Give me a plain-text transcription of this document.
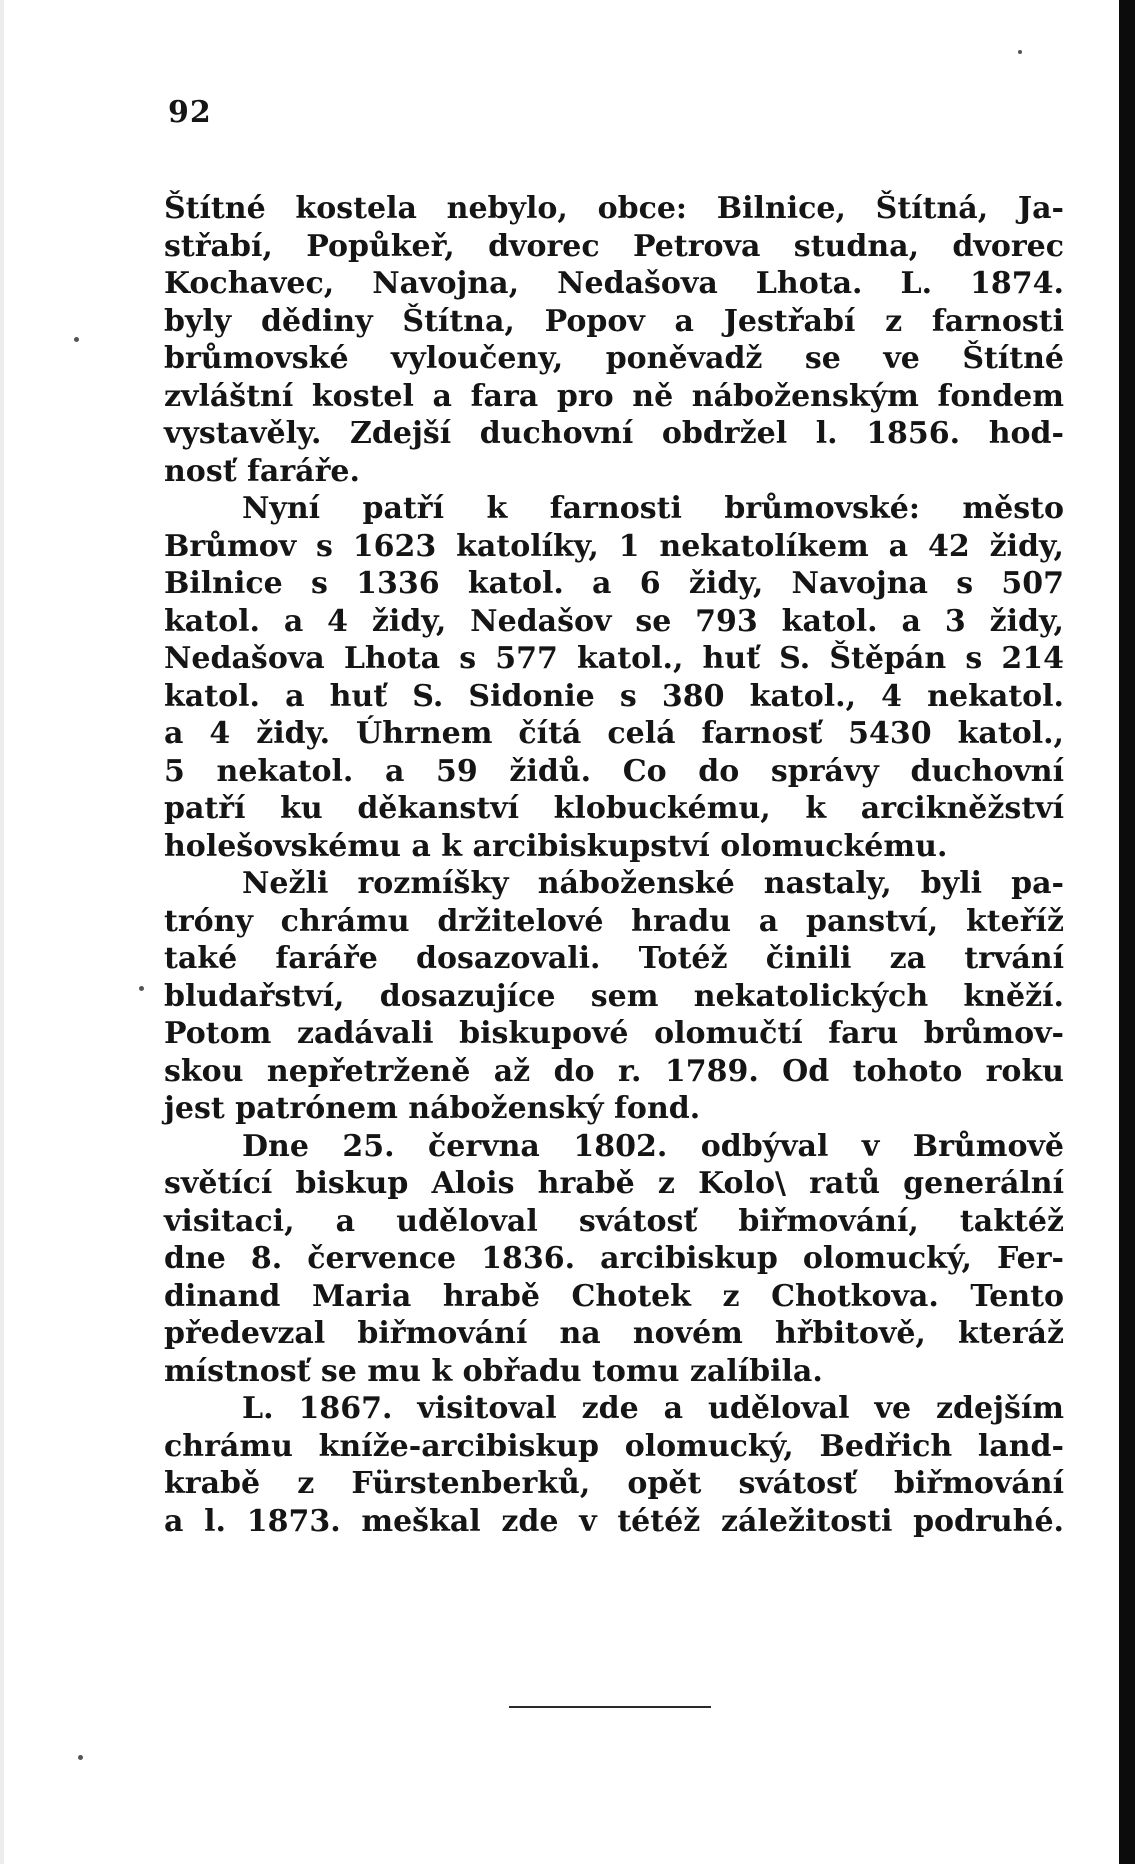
92
Štítné kostela nebylo, obce: Bilnice, Štítná, Ja-
střabí, Popůkeř, dvorec Petrova studna, dvorec
Kochavec, Navojna, Nedašova Lhota. L. 1874.
byly dědiny Štítna, Popov a Jestřabí z farnosti
brůmovské vyloučeny, poněvadž se ve Štítné
zvláštní kostel a fara pro ně náboženským fondem
vystavěly. Zdejší duchovní obdržel l. 1856. hod-
nosť faráře.
Nyní patří k farnosti brůmovské: město
Brůmov s 1623 katolíky, 1 nekatolíkem a 42 židy,
Bilnice s 1336 katol. a 6 židy, Navojna s 507
katol. a 4 židy, Nedašov se 793 katol. a 3 židy,
Nedašova Lhota s 577 katol., huť S. Štěpán s 214
katol. a huť S. Sidonie s 380 katol., 4 nekatol.
a 4 židy. Úhrnem čítá celá farnosť 5430 katol.,
5 nekatol. a 59 židů. Co do správy duchovní
patří ku děkanství klobuckému, k arcikněžství
holešovskému a k arcibiskupství olomuckému.
Nežli rozmíšky náboženské nastaly, byli pa-
tróny chrámu držitelové hradu a panství, kteříž
také faráře dosazovali. Totéž činili za trvání
bludařství, dosazujíce sem nekatolických kněží.
Potom zadávali biskupové olomučtí faru brůmov-
skou nepřetrženě až do r. 1789. Od tohoto roku
jest patrónem náboženský fond.
Dne 25. června 1802. odbýval v Brůmově
světící biskup Alois hrabě z Kolo\ ratů generální
visitaci, a uděloval svátosť biřmování, taktéž
dne 8. července 1836. arcibiskup olomucký, Fer-
dinand Maria hrabě Chotek z Chotkova. Tento
předevzal biřmování na novém hřbitově, kteráž
místnosť se mu k obřadu tomu zalíbila.
L. 1867. visitoval zde a uděloval ve zdejším
chrámu kníže-arcibiskup olomucký, Bedřich land-
krabě z Fürstenberků, opět svátosť biřmování
a l. 1873. meškal zde v tétéž záležitosti podruhé.
